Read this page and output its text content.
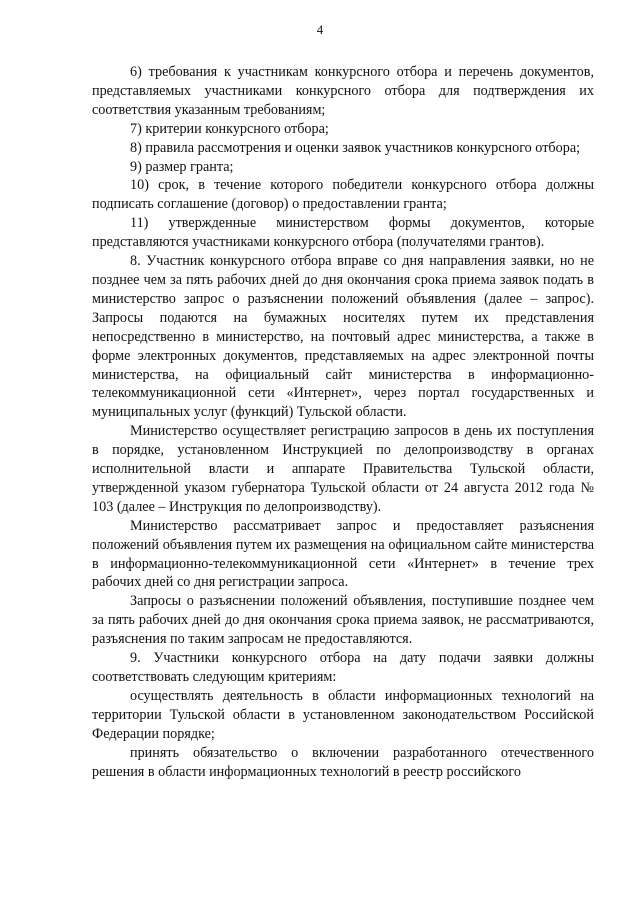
4

6) требования к участникам конкурсного отбора и перечень документов, представляемых участниками конкурсного отбора для подтверждения их соответствия указанным требованиям;

7) критерии конкурсного отбора;

8) правила рассмотрения и оценки заявок участников конкурсного отбора;

9) размер гранта;

10) срок, в течение которого победители конкурсного отбора должны подписать соглашение (договор) о предоставлении гранта;

11) утвержденные министерством формы документов, которые представляются участниками конкурсного отбора (получателями грантов).

8. Участник конкурсного отбора вправе со дня направления заявки, но не позднее чем за пять рабочих дней до дня окончания срока приема заявок подать в министерство запрос о разъяснении положений объявления (далее – запрос). Запросы подаются на бумажных носителях путем их представления непосредственно в министерство, на почтовый адрес министерства, а также в форме электронных документов, представляемых на адрес электронной почты министерства, на официальный сайт министерства в информационно-телекоммуникационной сети «Интернет», через портал государственных и муниципальных услуг (функций) Тульской области.

Министерство осуществляет регистрацию запросов в день их поступления в порядке, установленном Инструкцией по делопроизводству в органах исполнительной власти и аппарате Правительства Тульской области, утвержденной указом губернатора Тульской области от 24 августа 2012 года № 103 (далее – Инструкция по делопроизводству).

Министерство рассматривает запрос и предоставляет разъяснения положений объявления путем их размещения на официальном сайте министерства в информационно-телекоммуникационной сети «Интернет» в течение трех рабочих дней со дня регистрации запроса.

Запросы о разъяснении положений объявления, поступившие позднее чем за пять рабочих дней до дня окончания срока приема заявок, не рассматриваются, разъяснения по таким запросам не предоставляются.

9. Участники конкурсного отбора на дату подачи заявки должны соответствовать следующим критериям:

осуществлять деятельность в области информационных технологий на территории Тульской области в установленном законодательством Российской Федерации порядке;

принять обязательство о включении разработанного отечественного решения в области информационных технологий в реестр российского
